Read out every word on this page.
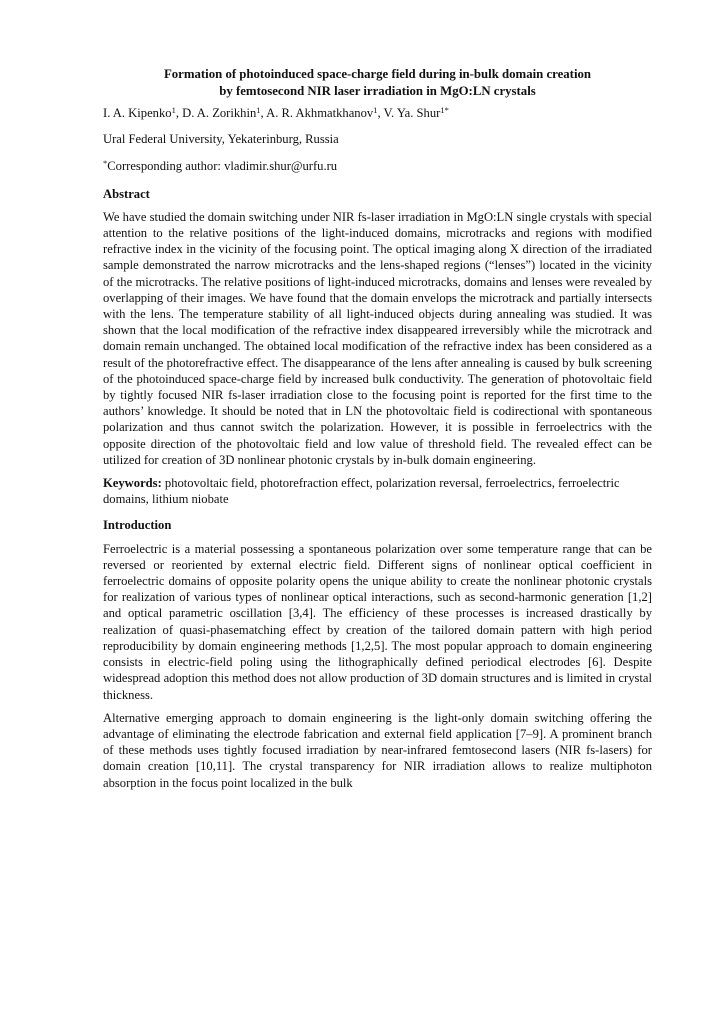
Formation of photoinduced space-charge field during in-bulk domain creation
by femtosecond NIR laser irradiation in MgO:LN crystals
I. A. Kipenko$^1$, D. A. Zorikhin$^1$, A. R. Akhmatkhanov$^1$, V. Ya. Shur$^{1*}$
Ural Federal University, Yekaterinburg, Russia
*Corresponding author: vladimir.shur@urfu.ru
Abstract
We have studied the domain switching under NIR fs-laser irradiation in MgO:LN single crystals with special attention to the relative positions of the light-induced domains, microtracks and regions with modified refractive index in the vicinity of the focusing point. The optical imaging along X direction of the irradiated sample demonstrated the narrow microtracks and the lens-shaped regions (“lenses”) located in the vicinity of the microtracks. The relative positions of light-induced microtracks, domains and lenses were revealed by overlapping of their images. We have found that the domain envelops the microtrack and partially intersects with the lens. The temperature stability of all light-induced objects during annealing was studied. It was shown that the local modification of the refractive index disappeared irreversibly while the microtrack and domain remain unchanged. The obtained local modification of the refractive index has been considered as a result of the photorefractive effect. The disappearance of the lens after annealing is caused by bulk screening of the photoinduced space-charge field by increased bulk conductivity. The generation of photovoltaic field by tightly focused NIR fs-laser irradiation close to the focusing point is reported for the first time to the authors’ knowledge. It should be noted that in LN the photovoltaic field is codirectional with spontaneous polarization and thus cannot switch the polarization. However, it is possible in ferroelectrics with the opposite direction of the photovoltaic field and low value of threshold field. The revealed effect can be utilized for creation of 3D nonlinear photonic crystals by in-bulk domain engineering.
Keywords: photovoltaic field, photorefraction effect, polarization reversal, ferroelectrics, ferroelectric domains, lithium niobate
Introduction
Ferroelectric is a material possessing a spontaneous polarization over some temperature range that can be reversed or reoriented by external electric field. Different signs of nonlinear optical coefficient in ferroelectric domains of opposite polarity opens the unique ability to create the nonlinear photonic crystals for realization of various types of nonlinear optical interactions, such as second-harmonic generation [1,2] and optical parametric oscillation [3,4]. The efficiency of these processes is increased drastically by realization of quasi-phasematching effect by creation of the tailored domain pattern with high period reproducibility by domain engineering methods [1,2,5]. The most popular approach to domain engineering consists in electric-field poling using the lithographically defined periodical electrodes [6]. Despite widespread adoption this method does not allow production of 3D domain structures and is limited in crystal thickness.
Alternative emerging approach to domain engineering is the light-only domain switching offering the advantage of eliminating the electrode fabrication and external field application [7–9]. A prominent branch of these methods uses tightly focused irradiation by near-infrared femtosecond lasers (NIR fs-lasers) for domain creation [10,11]. The crystal transparency for NIR irradiation allows to realize multiphoton absorption in the focus point localized in the bulk
